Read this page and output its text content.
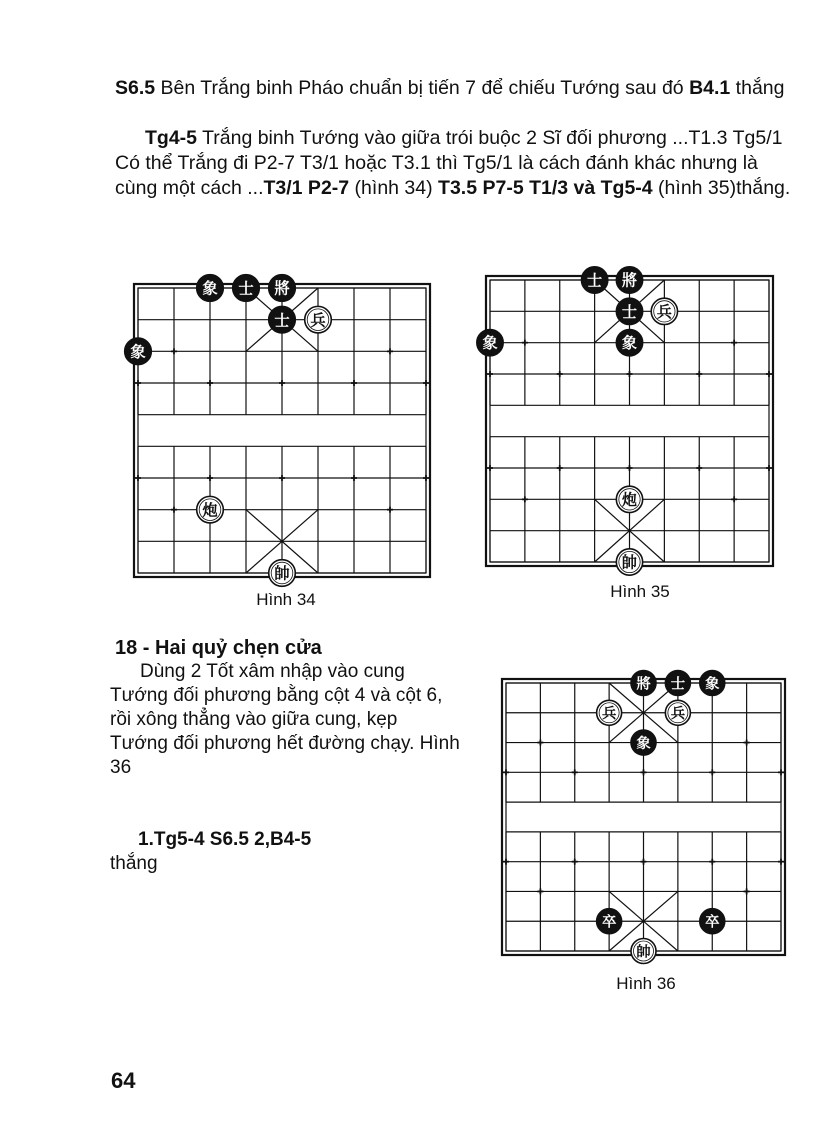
S6.5 Bên Trắng binh Pháo chuẩn bị tiến 7 để chiếu Tướng sau đó B4.1 thắng
Tg4-5 Trắng binh Tướng vào giữa trói buộc 2 Sĩ đối phương ...T1.3 Tg5/1 Có thể Trắng đi P2-7 T3/1 hoặc T3.1 thì Tg5/1 là cách đánh khác nhưng là cùng một cách ...T3/1 P2-7 (hình 34) T3.5 P7-5 T1/3 và Tg5-4 (hình 35)thắng.
象 士 將
士 兵
象
炮
帥
Hình 34
士 將
士 兵
象	象
炮
帥
Hình 35
18 - Hai quỷ chẹn cửa
Dùng 2 Tốt xâm nhập vào cung Tướng đối phương bằng cột 4 và cột 6, rồi xông thẳng vào giữa cung, kẹp Tướng đối phương hết đường chạy. Hình 36
1.Tg5-4 S6.5 2,B4-5
thắng
將 士 象
兵	兵
象
卒	卒
帥
Hình 36
64
